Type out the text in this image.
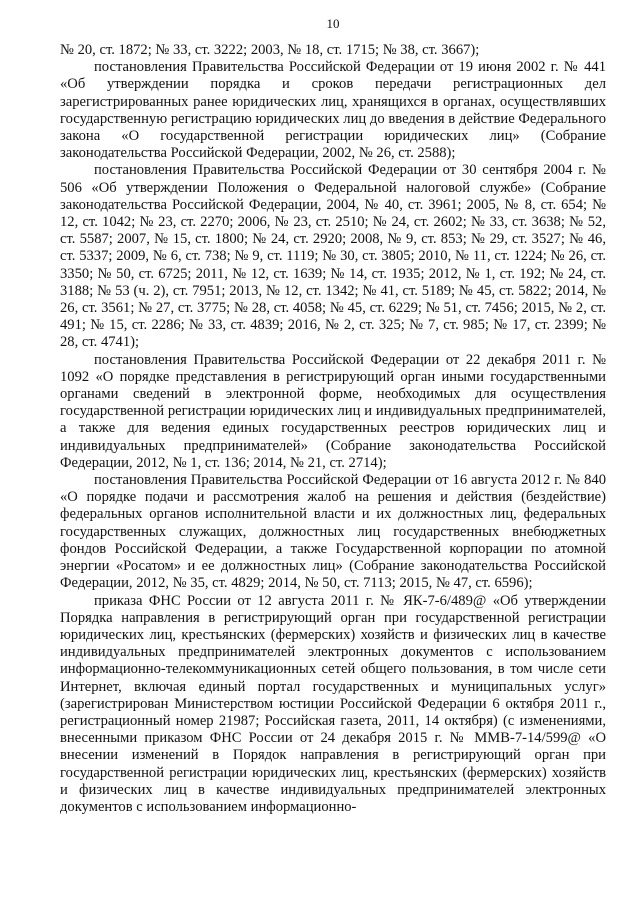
10

№ 20, ст. 1872; № 33, ст. 3222; 2003, № 18, ст. 1715; № 38, ст. 3667);

постановления Правительства Российской Федерации от 19 июня 2002 г. № 441 «Об утверждении порядка и сроков передачи регистрационных дел зарегистрированных ранее юридических лиц, хранящихся в органах, осуществлявших государственную регистрацию юридических лиц до введения в действие Федерального закона «О государственной регистрации юридических лиц» (Собрание законодательства Российской Федерации, 2002, № 26, ст. 2588);

постановления Правительства Российской Федерации от 30 сентября 2004 г. № 506 «Об утверждении Положения о Федеральной налоговой службе» (Собрание законодательства Российской Федерации, 2004, № 40, ст. 3961; 2005, № 8, ст. 654; № 12, ст. 1042; № 23, ст. 2270; 2006, № 23, ст. 2510; № 24, ст. 2602; № 33, ст. 3638; № 52, ст. 5587; 2007, № 15, ст. 1800; № 24, ст. 2920; 2008, № 9, ст. 853; № 29, ст. 3527; № 46, ст. 5337; 2009, № 6, ст. 738; № 9, ст. 1119; № 30, ст. 3805; 2010, № 11, ст. 1224; № 26, ст. 3350; № 50, ст. 6725; 2011, № 12, ст. 1639; № 14, ст. 1935; 2012, № 1, ст. 192; № 24, ст. 3188; № 53 (ч. 2), ст. 7951; 2013, № 12, ст. 1342; № 41, ст. 5189; № 45, ст. 5822; 2014, № 26, ст. 3561; № 27, ст. 3775; № 28, ст. 4058; № 45, ст. 6229; № 51, ст. 7456; 2015, № 2, ст. 491; № 15, ст. 2286; № 33, ст. 4839; 2016, № 2, ст. 325; № 7, ст. 985; № 17, ст. 2399; № 28, ст. 4741);

постановления Правительства Российской Федерации от 22 декабря 2011 г. № 1092 «О порядке представления в регистрирующий орган иными государственными органами сведений в электронной форме, необходимых для осуществления государственной регистрации юридических лиц и индивидуальных предпринимателей, а также для ведения единых государственных реестров юридических лиц и индивидуальных предпринимателей» (Собрание законодательства Российской Федерации, 2012, № 1, ст. 136; 2014, № 21, ст. 2714);

постановления Правительства Российской Федерации от 16 августа 2012 г. № 840 «О порядке подачи и рассмотрения жалоб на решения и действия (бездействие) федеральных органов исполнительной власти и их должностных лиц, федеральных государственных служащих, должностных лиц государственных внебюджетных фондов Российской Федерации, а также Государственной корпорации по атомной энергии «Росатом» и ее должностных лиц» (Собрание законодательства Российской Федерации, 2012, № 35, ст. 4829; 2014, № 50, ст. 7113; 2015, № 47, ст. 6596);

приказа ФНС России от 12 августа 2011 г. № ЯК-7-6/489@ «Об утверждении Порядка направления в регистрирующий орган при государственной регистрации юридических лиц, крестьянских (фермерских) хозяйств и физических лиц в качестве индивидуальных предпринимателей электронных документов с использованием информационно-телекоммуникационных сетей общего пользования, в том числе сети Интернет, включая единый портал государственных и муниципальных услуг» (зарегистрирован Министерством юстиции Российской Федерации 6 октября 2011 г., регистрационный номер 21987; Российская газета, 2011, 14 октября) (с изменениями, внесенными приказом ФНС России от 24 декабря 2015 г. № ММВ-7-14/599@ «О внесении изменений в Порядок направления в регистрирующий орган при государственной регистрации юридических лиц, крестьянских (фермерских) хозяйств и физических лиц в качестве индивидуальных предпринимателей электронных документов с использованием информационно-
